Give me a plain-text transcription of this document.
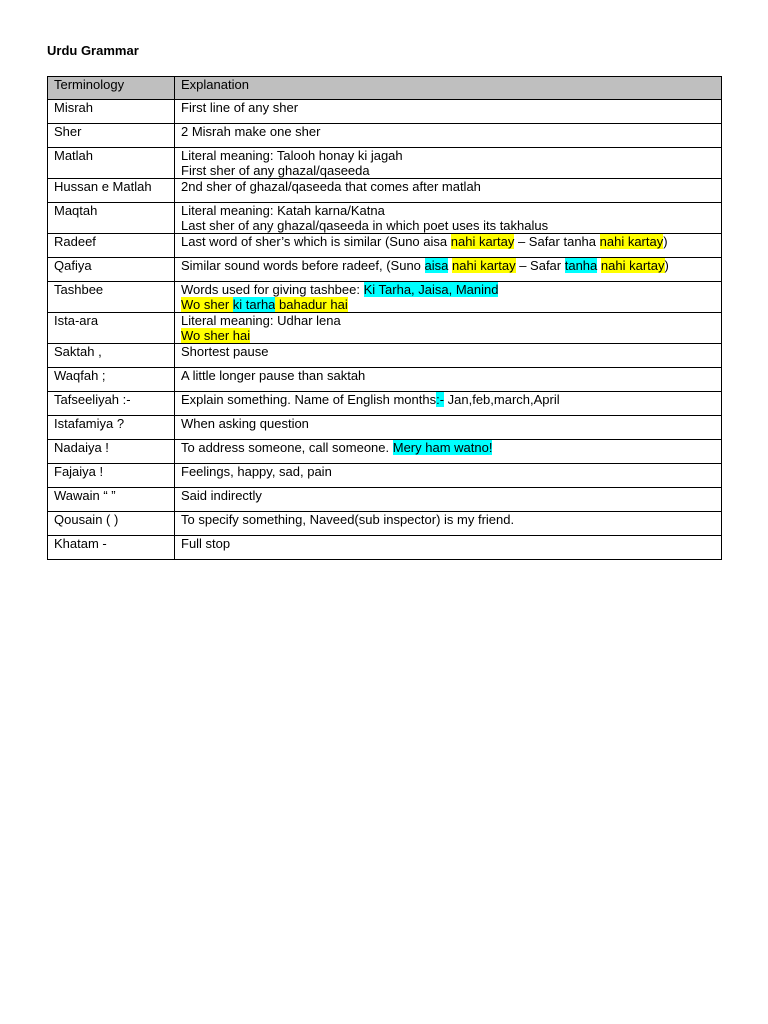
Urdu Grammar
Terminology	Explanation
Misrah	First line of any sher

Sher	2 Misrah make one sher

Matlah	Literal meaning: Talooh honay ki jagah
First sher of any ghazal/qaseeda

Hussan e Matlah	2nd sher of ghazal/qaseeda that comes after matlah

Maqtah	Literal meaning: Katah karna/Katna
Last sher of any ghazal/qaseeda in which poet uses its takhalus

Radeef	Last word of sher’s which is similar (Suno aisa nahi kartay – Safar tanha nahi kartay)

Qafiya	Similar sound words before radeef, (Suno aisa nahi kartay – Safar tanha nahi kartay)

Tashbee	Words used for giving tashbee: Ki Tarha, Jaisa, Manind
Wo sher ki tarha bahadur hai

Ista-ara	Literal meaning: Udhar lena
Wo sher hai

Saktah ,	Shortest pause

Waqfah ;	A little longer pause than saktah

Tafseeliyah :-	Explain something. Name of English months:- Jan,feb,march,April

Istafamiya ?	When asking question

Nadaiya !	To address someone, call someone. Mery ham watno!

Fajaiya !	Feelings, happy, sad, pain

Wawain “ ”	Said indirectly

Qousain ( )	To specify something, Naveed(sub inspector) is my friend.

Khatam -	Full stop
